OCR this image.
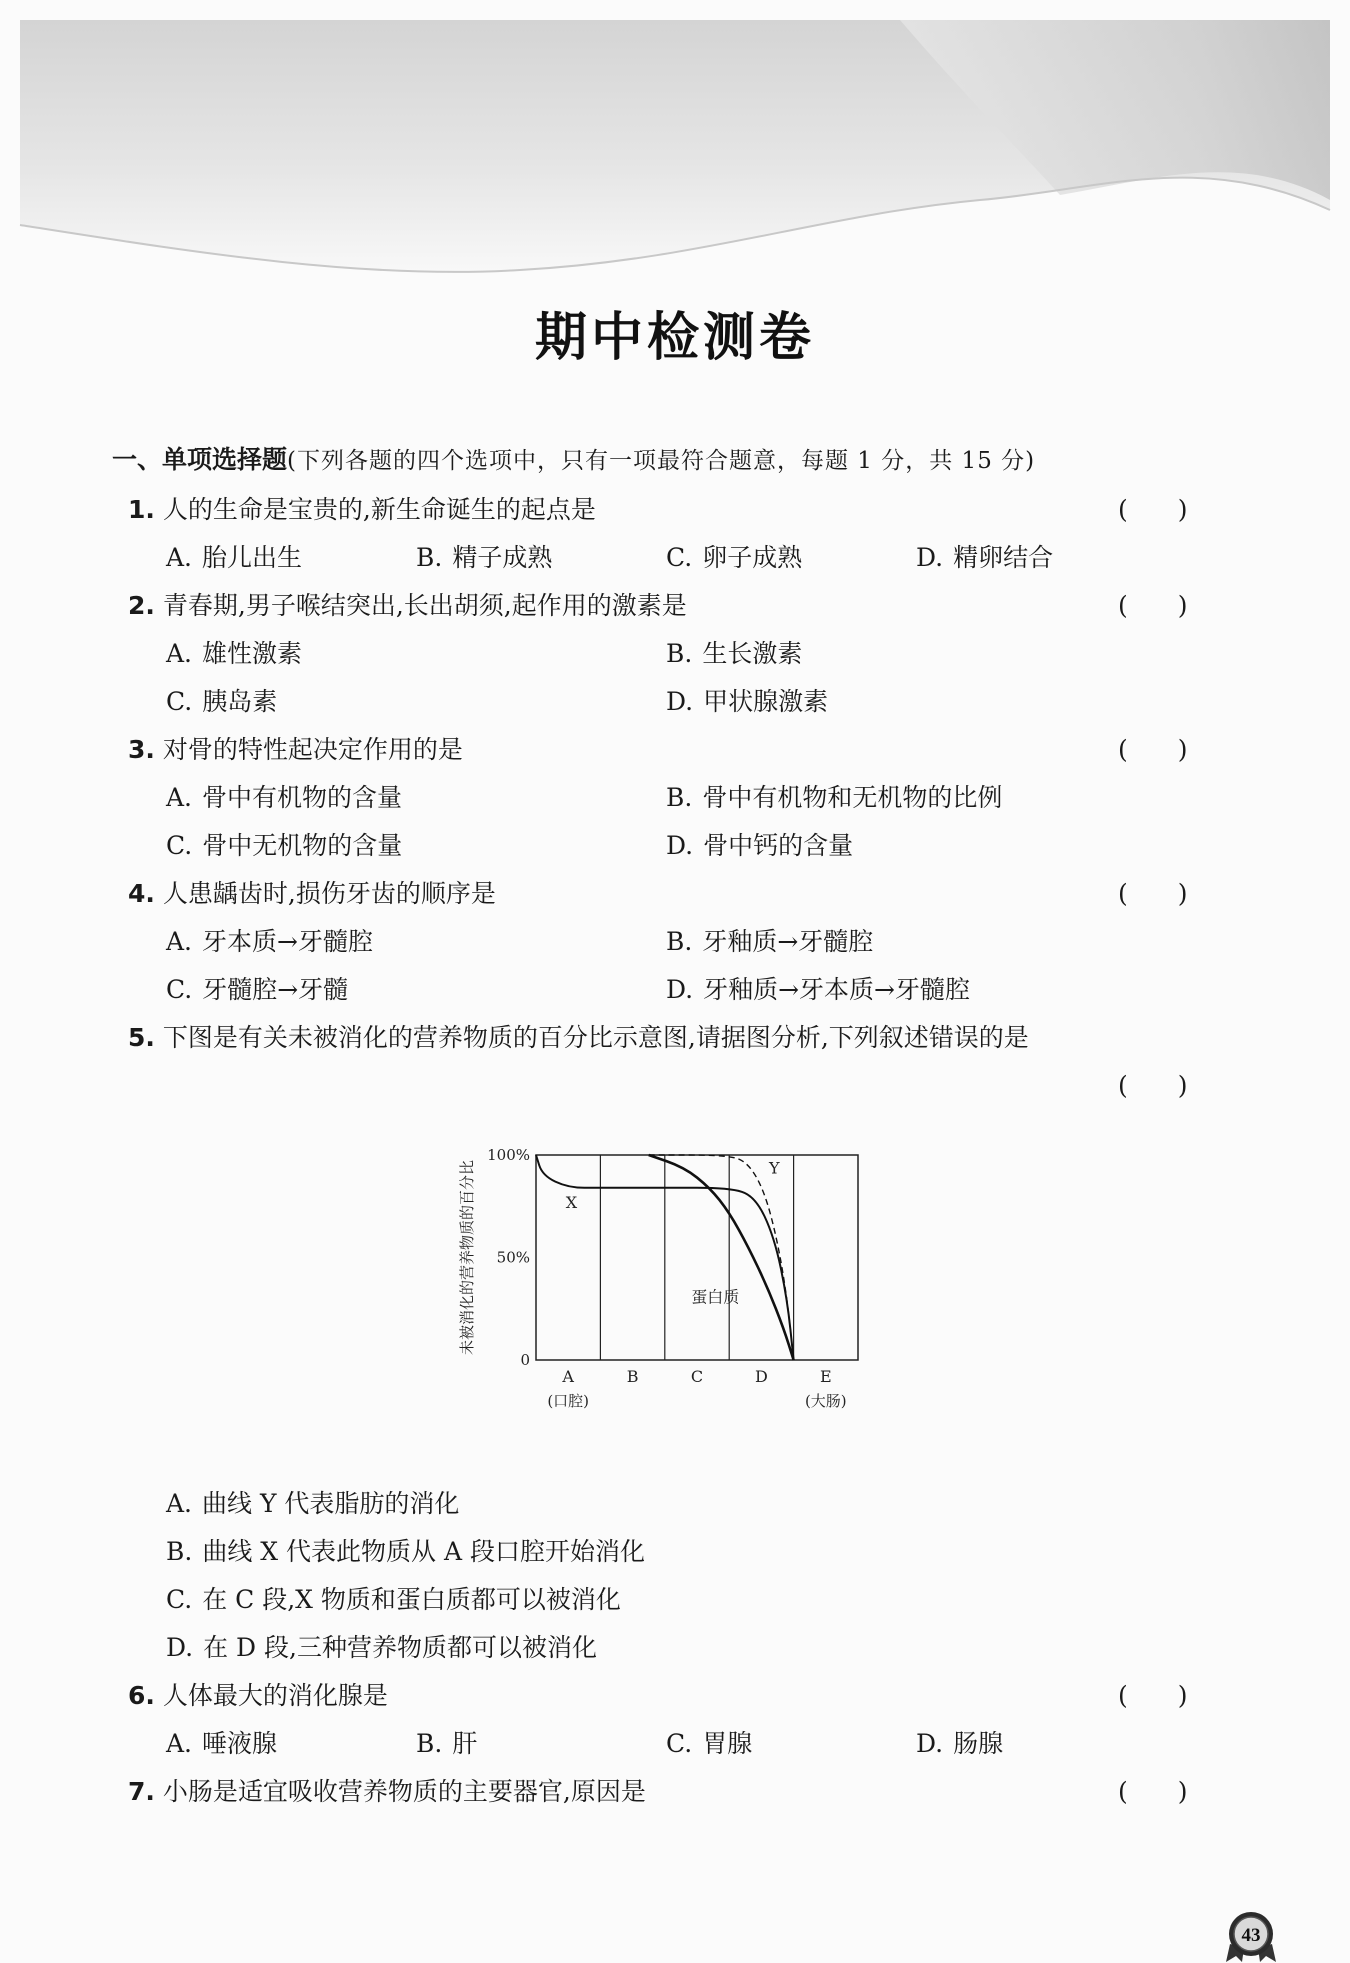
期中检测卷
一、单项选择题(下列各题的四个选项中，只有一项最符合题意，每题 1 分，共 15 分)
1. 人的生命是宝贵的,新生命诞生的起点是	(　　)
A. 胎儿出生	B. 精子成熟	C. 卵子成熟	D. 精卵结合
2. 青春期,男子喉结突出,长出胡须,起作用的激素是	(　　)
A. 雄性激素	B. 生长激素
C. 胰岛素	D. 甲状腺激素
3. 对骨的特性起决定作用的是	(　　)
A. 骨中有机物的含量	B. 骨中有机物和无机物的比例
C. 骨中无机物的含量	D. 骨中钙的含量
4. 人患龋齿时,损伤牙齿的顺序是	(　　)
A. 牙本质→牙髓腔	B. 牙釉质→牙髓腔
C. 牙髓腔→牙髓	D. 牙釉质→牙本质→牙髓腔
5. 下图是有关未被消化的营养物质的百分比示意图,请据图分析,下列叙述错误的是
(　　)
100%
50%
0
未被消化的营养物质的百分比
A
(口腔)
B	C	D	E
(大肠)
X
Y
蛋白质
A. 曲线 Y 代表脂肪的消化
B. 曲线 X 代表此物质从 A 段口腔开始消化
C. 在 C 段,X 物质和蛋白质都可以被消化
D. 在 D 段,三种营养物质都可以被消化
6. 人体最大的消化腺是	(　　)
A. 唾液腺	B. 肝	C. 胃腺	D. 肠腺
7. 小肠是适宜吸收营养物质的主要器官,原因是	(　　)
43
